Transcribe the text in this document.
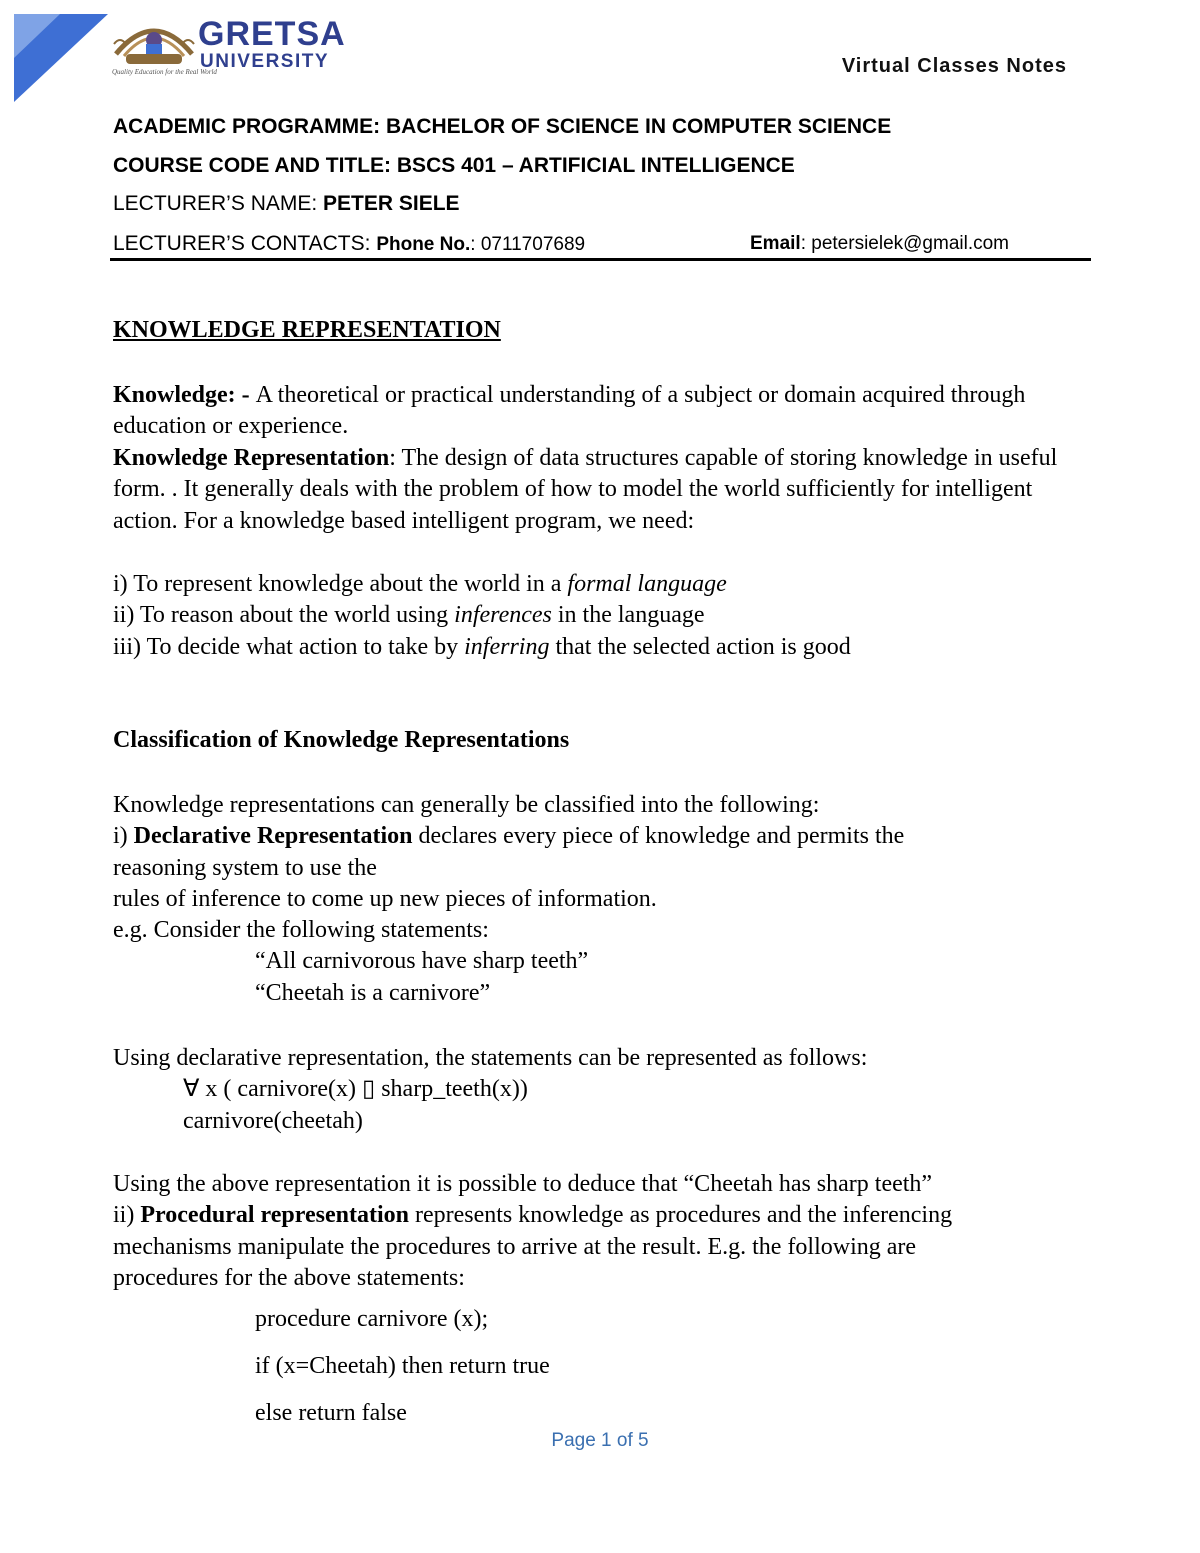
GRETSA
UNIVERSITY
Quality Education for the Real World	Virtual Classes Notes
ACADEMIC PROGRAMME: BACHELOR OF SCIENCE IN COMPUTER SCIENCE
COURSE CODE AND TITLE: BSCS 401 – ARTIFICIAL INTELLIGENCE
LECTURER’S NAME: PETER SIELE
LECTURER’S CONTACTS: Phone No.: 0711707689	Email: petersielek@gmail.com
KNOWLEDGE REPRESENTATION
Knowledge: - A theoretical or practical understanding of a subject or domain acquired through education or experience.
Knowledge Representation: The design of data structures capable of storing knowledge in useful form. . It generally deals with the problem of how to model the world sufficiently for intelligent action. For a knowledge based intelligent program, we need:
i) To represent knowledge about the world in a formal language
ii) To reason about the world using inferences in the language
iii) To decide what action to take by inferring that the selected action is good
Classification of Knowledge Representations
Knowledge representations can generally be classified into the following:
i) Declarative Representation declares every piece of knowledge and permits the
reasoning system to use the
rules of inference to come up new pieces of information.
e.g. Consider the following statements:
“All carnivorous have sharp teeth”
“Cheetah is a carnivore”
Using declarative representation, the statements can be represented as follows:
∀ x ( carnivore(x) ▯ sharp_teeth(x))
carnivore(cheetah)
Using the above representation it is possible to deduce that “Cheetah has sharp teeth”
ii) Procedural representation represents knowledge as procedures and the inferencing
mechanisms manipulate the procedures to arrive at the result. E.g. the following are
procedures for the above statements:
procedure carnivore (x);
if (x=Cheetah) then return true
else return false
Page 1 of 5
